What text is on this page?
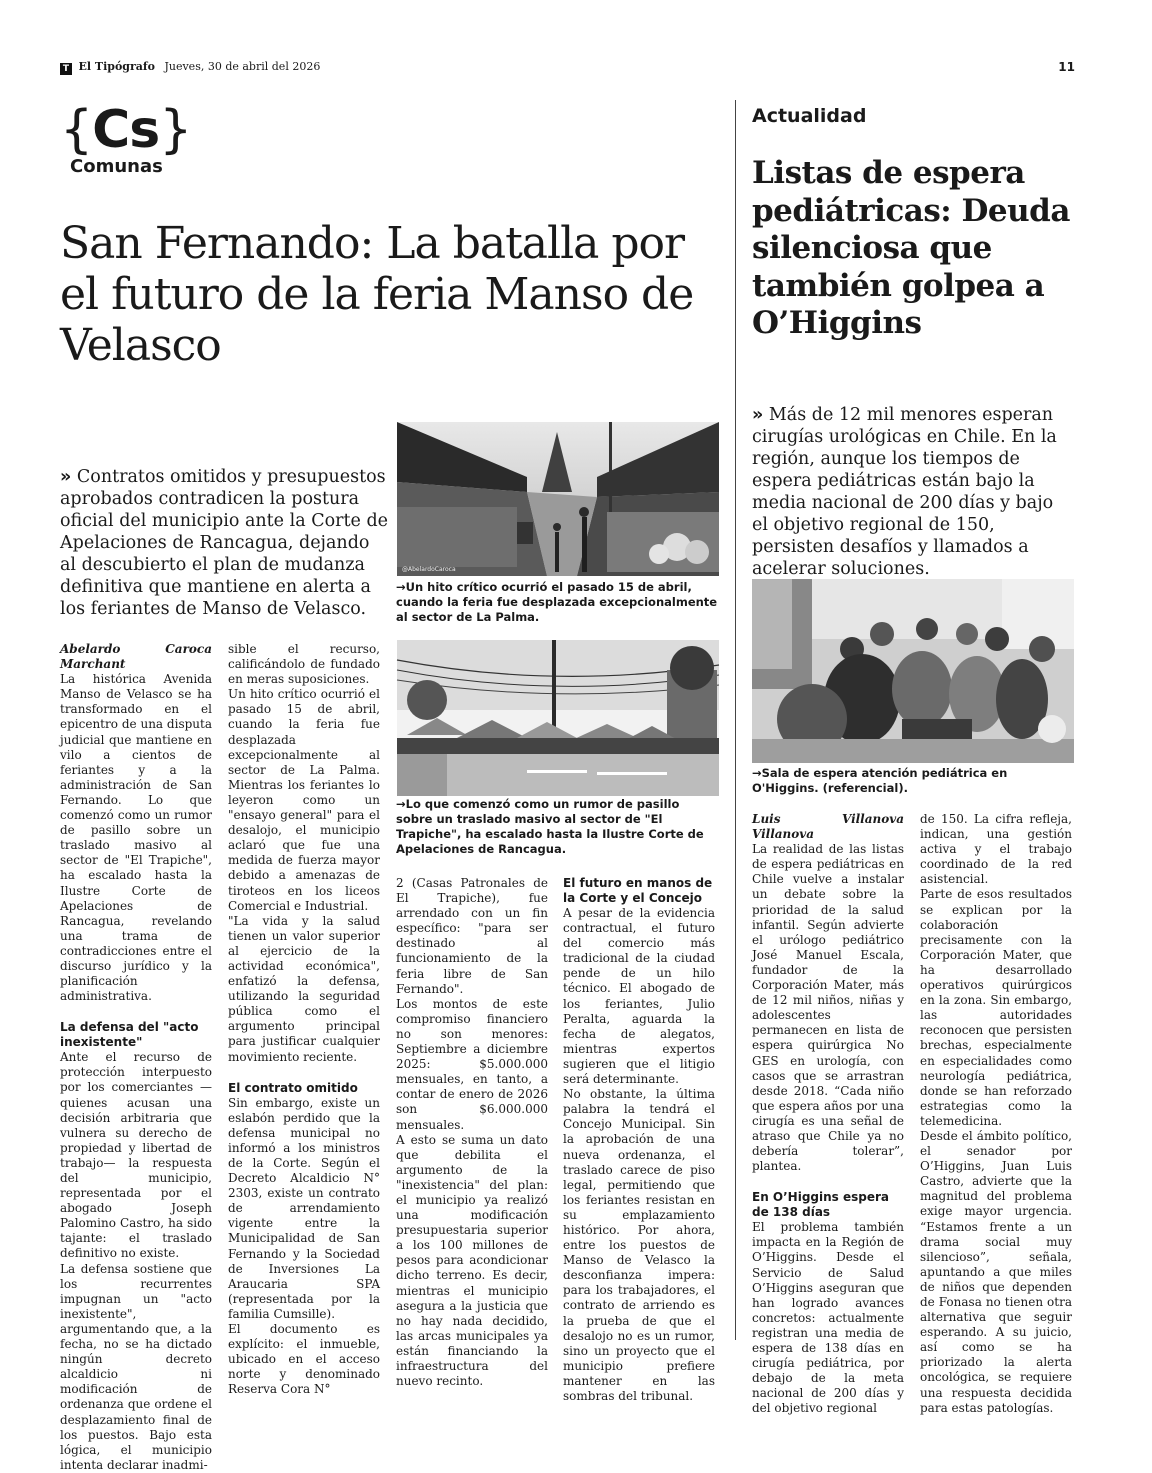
T El Tipógrafo Jueves, 30 de abril del 2026	11
{Cs}
Comunas
San Fernando: La batalla por el futuro de la feria Manso de Velasco
» Contratos omitidos y presupuestos aprobados contradicen la postura oficial del municipio ante la Corte de Apelaciones de Rancagua, dejando al descubierto el plan de mudanza definitiva que mantiene en alerta a los feriantes de Manso de Velasco.
@AbelardoCaroca
→Un hito crítico ocurrió el pasado 15 de abril, cuando la feria fue desplazada excepcionalmente al sector de La Palma.
→Lo que comenzó como un rumor de pasillo sobre un traslado masivo al sector de "El Trapiche", ha escalado hasta la Ilustre Corte de Apelaciones de Rancagua.

Abelardo Caroca Marchant

La histórica Avenida Manso de Velasco se ha transformado en el epicentro de una disputa judicial que mantiene en vilo a cientos de feriantes y a la administración de San Fernando. Lo que comenzó como un rumor de pasillo sobre un traslado masivo al sector de "El Trapiche", ha escalado hasta la Ilustre Corte de Apelaciones de Rancagua, revelando una trama de contradicciones entre el discurso jurídico y la planificación administrativa.

La defensa del "acto inexistente"

Ante el recurso de protección interpuesto por los comerciantes —quienes acusan una decisión arbitraria que vulnera su derecho de propiedad y libertad de trabajo— la respuesta del municipio, representada por el abogado Joseph Palomino Castro, ha sido tajante: el traslado definitivo no existe.

La defensa sostiene que los recurrentes impugnan un "acto inexistente", argumentando que, a la fecha, no se ha dictado ningún decreto alcaldicio ni modificación de ordenanza que ordene el desplazamiento final de los puestos. Bajo esta lógica, el municipio intenta declarar inadmi-

sible el recurso, calificándolo de fundado en meras suposiciones.

Un hito crítico ocurrió el pasado 15 de abril, cuando la feria fue desplazada excepcionalmente al sector de La Palma. Mientras los feriantes lo leyeron como un "ensayo general" para el desalojo, el municipio aclaró que fue una medida de fuerza mayor debido a amenazas de tiroteos en los liceos Comercial e Industrial.

"La vida y la salud tienen un valor superior al ejercicio de la actividad económica", enfatizó la defensa, utilizando la seguridad pública como el argumento principal para justificar cualquier movimiento reciente.

El contrato omitido

Sin embargo, existe un eslabón perdido que la defensa municipal no informó a los ministros de la Corte. Según el Decreto Alcaldicio N° 2303, existe un contrato de arrendamiento vigente entre la Municipalidad de San Fernando y la Sociedad de Inversiones La Araucaria SPA (representada por la familia Cumsille).

El documento es explícito: el inmueble, ubicado en el acceso norte y denominado Reserva Cora N°

2 (Casas Patronales de El Trapiche), fue arrendado con un fin específico: "para ser destinado al funcionamiento de la feria libre de San Fernando".

Los montos de este compromiso financiero no son menores: Septiembre a diciembre 2025: $5.000.000 mensuales, en tanto, a contar de enero de 2026 son $6.000.000 mensuales.

A esto se suma un dato que debilita el argumento de la "inexistencia" del plan: el municipio ya realizó una modificación presupuestaria superior a los 100 millones de pesos para acondicionar dicho terreno. Es decir, mientras el municipio asegura a la justicia que no hay nada decidido, las arcas municipales ya están financiando la infraestructura del nuevo recinto.

El futuro en manos de la Corte y el Concejo

A pesar de la evidencia contractual, el futuro del comercio más tradicional de la ciudad pende de un hilo técnico. El abogado de los feriantes, Julio Peralta, aguarda la fecha de alegatos, mientras expertos sugieren que el litigio será determinante.

No obstante, la última palabra la tendrá el Concejo Municipal. Sin la aprobación de una nueva ordenanza, el traslado carece de piso legal, permitiendo que los feriantes resistan en su emplazamiento histórico. Por ahora, entre los puestos de Manso de Velasco la desconfianza impera: para los trabajadores, el contrato de arriendo es la prueba de que el desalojo no es un rumor, sino un proyecto que el municipio prefiere mantener en las sombras del tribunal.

Actualidad
Listas de espera pediátricas: Deuda silenciosa que también golpea a O’Higgins
» Más de 12 mil menores esperan cirugías urológicas en Chile. En la región, aunque los tiempos de espera pediátricas están bajo la media nacional de 200 días y bajo el objetivo regional de 150, persisten desafíos y llamados a acelerar soluciones.
→Sala de espera atención pediátrica en O'Higgins. (referencial).

Luis Villanova Villanova

La realidad de las listas de espera pediátricas en Chile vuelve a instalar un debate sobre la prioridad de la salud infantil. Según advierte el urólogo pediátrico José Manuel Escala, fundador de la Corporación Mater, más de 12 mil niños, niñas y adolescentes permanecen en lista de espera quirúrgica No GES en urología, con casos que se arrastran desde 2018. “Cada niño que espera años por una cirugía es una señal de atraso que Chile ya no debería tolerar”, plantea.

En O’Higgins espera de 138 días

El problema también impacta en la Región de O’Higgins. Desde el Servicio de Salud O’Higgins aseguran que han logrado avances concretos: actualmente registran una media de espera de 138 días en cirugía pediátrica, por debajo de la meta nacional de 200 días y del objetivo regional

de 150. La cifra refleja, indican, una gestión activa y el trabajo coordinado de la red asistencial.

Parte de esos resultados se explican por la colaboración precisamente con la Corporación Mater, que ha desarrollado operativos quirúrgicos en la zona. Sin embargo, las autoridades reconocen que persisten brechas, especialmente en especialidades como neurología pediátrica, donde se han reforzado estrategias como la telemedicina.

Desde el ámbito político, el senador por O’Higgins, Juan Luis Castro, advierte que la magnitud del problema exige mayor urgencia. “Estamos frente a un drama social muy silencioso”, señala, apuntando a que miles de niños que dependen de Fonasa no tienen otra alternativa que seguir esperando. A su juicio, así como se ha priorizado la alerta oncológica, se requiere una respuesta decidida para estas patologías.
